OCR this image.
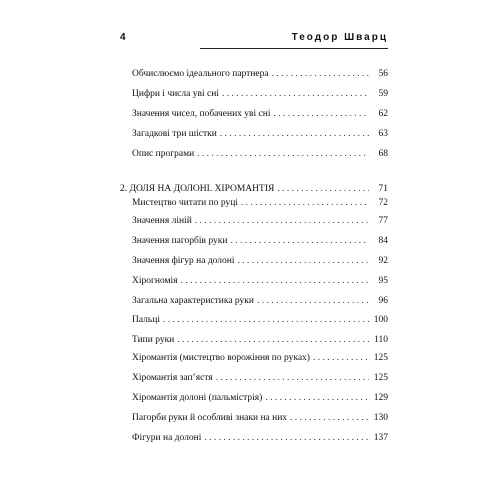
4	Теодор Шварц
Обчислюємо ідеального партнера . . .	56
Цифри і числа уві сні . . .	59
Значення чисел, побачених уві сні . . .	62
Загадкові три шістки . . .	63
Опис програми . . .	68
2. ДОЛЯ НА ДОЛОНІ. ХІРОМАНТІЯ . . .	71
Мистецтво читати по руці . . .	72
Значення ліній . . .	77
Значення пагорбів руки . . .	84
Значення фігур на долоні . . .	92
Хірогномія . . .	95
Загальна характеристика руки . . .	96
Пальці . . .	100
Типи руки . . .	110
Хіромантія (мистецтво ворожіння по руках) . . .	125
Хіромантія зап’ястя . . .	125
Хіромантія долоні (пальмістрія) . . .	129
Пагорби руки й особливі знаки на них . . .	130
Фігури на долоні . . .	137
